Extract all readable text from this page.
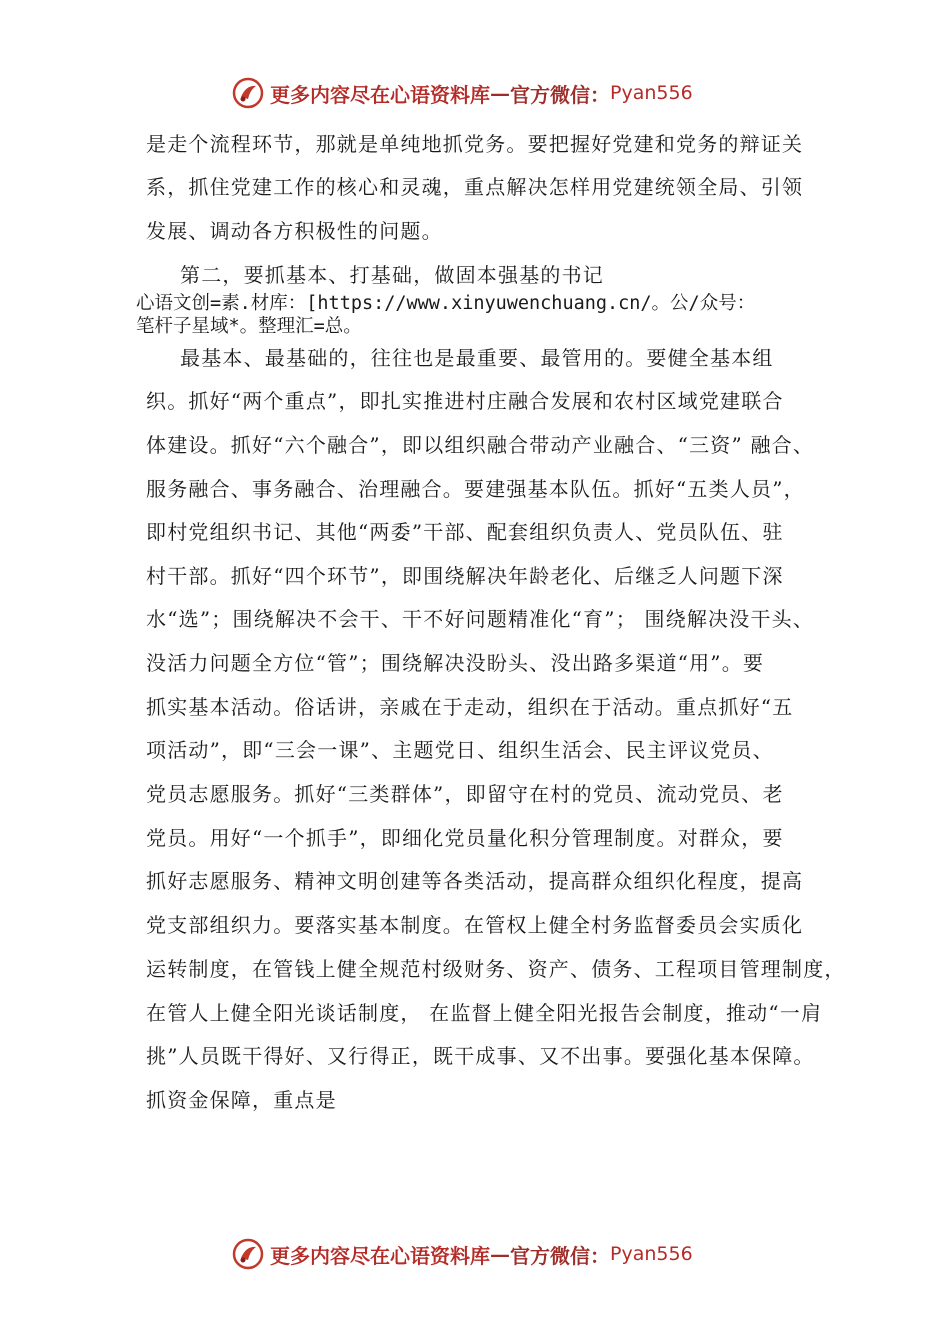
更多内容尽在心语资料库 — 官方微信： Pyan556
是走个流程环节，那就是单纯地抓党务。要把握好党建和党务的辩证关
系，抓住党建工作的核心和灵魂，重点解决怎样用党建统领全局、引领
发展、调动各方积极性的问题。
第二，要抓基本、打基础，做固本强基的书记
心语文创=素.材库：[https://www.xinyuwenchuang.cn/。公/众号：
笔杆子星域*。整理汇=总。
最基本、最基础的，往往也是最重要、最管用的。要健全基本组
织。抓好“两个重点”，即扎实推进村庄融合发展和农村区域党建联合
体建设。抓好“六个融合”，即以组织融合带动产业融合、“三资” 融合、
服务融合、事务融合、治理融合。要建强基本队伍。抓好“五类人员”，
即村党组织书记、其他“两委”干部、配套组织负责人、党员队伍、驻
村干部。抓好“四个环节”，即围绕解决年龄老化、后继乏人问题下深
水“选”；围绕解决不会干、干不好问题精准化“育”； 围绕解决没干头、
没活力问题全方位“管”；围绕解决没盼头、没出路多渠道“用”。要
抓实基本活动。俗话讲，亲戚在于走动，组织在于活动。重点抓好“五
项活动”，即“三会一课”、主题党日、组织生活会、民主评议党员、
党员志愿服务。抓好“三类群体”，即留守在村的党员、流动党员、老
党员。用好“一个抓手”，即细化党员量化积分管理制度。对群众，要
抓好志愿服务、精神文明创建等各类活动，提高群众组织化程度，提高
党支部组织力。要落实基本制度。在管权上健全村务监督委员会实质化
运转制度，在管钱上健全规范村级财务、资产、债务、工程项目管理制度，
在管人上健全阳光谈话制度， 在监督上健全阳光报告会制度，推动“一肩
挑”人员既干得好、又行得正，既干成事、又不出事。要强化基本保障。
抓资金保障，重点是
更多内容尽在心语资料库 — 官方微信： Pyan556
